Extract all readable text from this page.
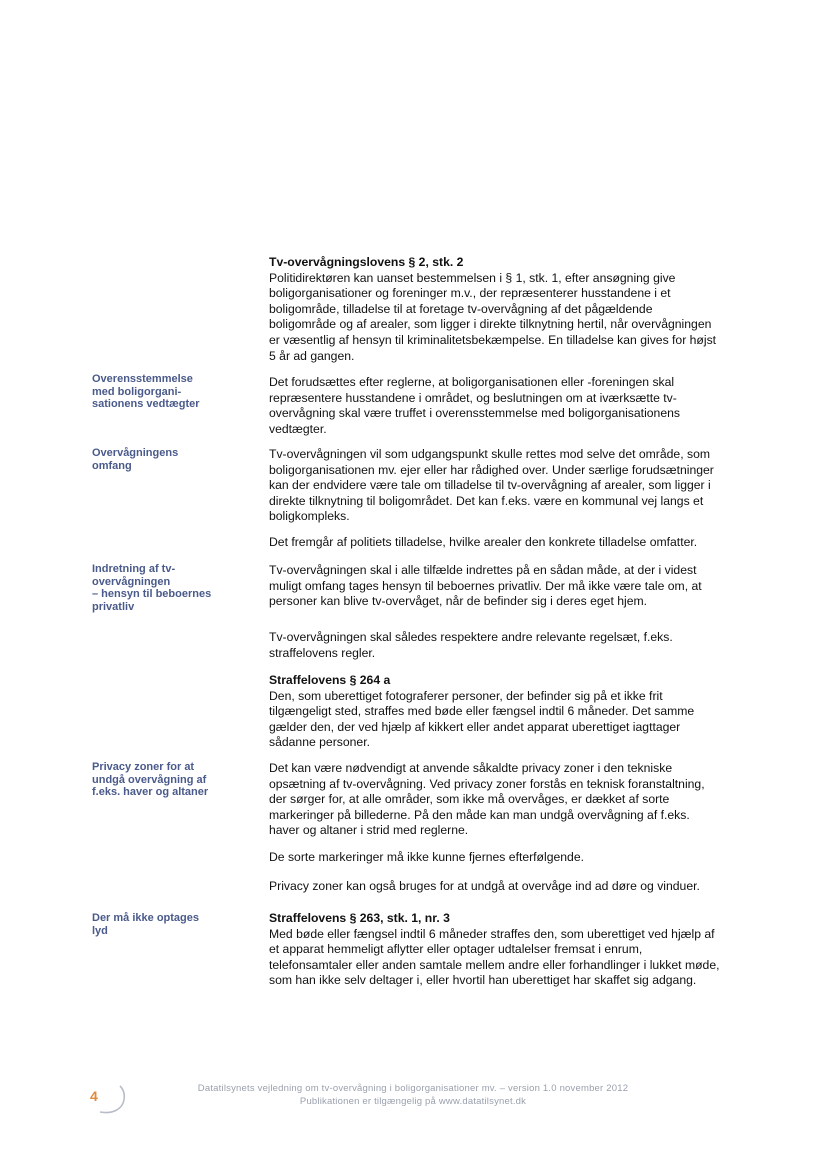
Tv-overvågningslovens § 2, stk. 2
Politidirektøren kan uanset bestemmelsen i § 1, stk. 1, efter ansøgning give boligorganisationer og foreninger m.v., der repræsenterer husstandene i et boligområde, tilladelse til at foretage tv-overvågning af det pågældende boligområde og af arealer, som ligger i direkte tilknytning hertil, når overvågningen er væsentlig af hensyn til kriminalitetsbekæmpelse. En tilladelse kan gives for højst 5 år ad gangen.
Det forudsættes efter reglerne, at boligorganisationen eller -foreningen skal repræsentere husstandene i området, og beslutningen om at iværksætte tv-overvågning skal være truffet i overensstemmelse med boligorganisationens vedtægter.
Tv-overvågningen vil som udgangspunkt skulle rettes mod selve det område, som boligorganisationen mv. ejer eller har rådighed over. Under særlige forudsætninger kan der endvidere være tale om tilladelse til tv-overvågning af arealer, som ligger i direkte tilknytning til boligområdet. Det kan f.eks. være en kommunal vej langs et boligkompleks.
Det fremgår af politiets tilladelse, hvilke arealer den konkrete tilladelse omfatter.
Tv-overvågningen skal i alle tilfælde indrettes på en sådan måde, at der i videst muligt omfang tages hensyn til beboernes privatliv. Der må ikke være tale om, at personer kan blive tv-overvåget, når de befinder sig i deres eget hjem.
Tv-overvågningen skal således respektere andre relevante regelsæt, f.eks. straffelovens regler.
Straffelovens § 264 a
Den, som uberettiget fotograferer personer, der befinder sig på et ikke frit tilgængeligt sted, straffes med bøde eller fængsel indtil 6 måneder. Det samme gælder den, der ved hjælp af kikkert eller andet apparat uberettiget iagttager sådanne personer.
Det kan være nødvendigt at anvende såkaldte privacy zoner i den tekniske opsætning af tv-overvågning. Ved privacy zoner forstås en teknisk foranstaltning, der sørger for, at alle områder, som ikke må overvåges, er dækket af sorte markeringer på billederne. På den måde kan man undgå overvågning af f.eks. haver og altaner i strid med reglerne.
De sorte markeringer må ikke kunne fjernes efterfølgende.
Privacy zoner kan også bruges for at undgå at overvåge ind ad døre og vinduer.
Straffelovens § 263, stk. 1, nr. 3
Med bøde eller fængsel indtil 6 måneder straffes den, som uberettiget ved hjælp af et apparat hemmeligt aflytter eller optager udtalelser fremsat i enrum, telefonsamtaler eller anden samtale mellem andre eller forhandlinger i lukket møde, som han ikke selv deltager i, eller hvortil han uberettiget har skaffet sig adgang.
Overensstemmelse
med boligorgani-
sationens vedtægter
Overvågningens
omfang
Indretning af tv-
overvågningen
– hensyn til beboernes
privatliv
Privacy zoner for at
undgå overvågning af
f.eks. haver og altaner
Der må ikke optages
lyd
4	Datatilsynets vejledning om tv-overvågning i boligorganisationer mv. – version 1.0 november 2012
Publikationen er tilgængelig på www.datatilsynet.dk
